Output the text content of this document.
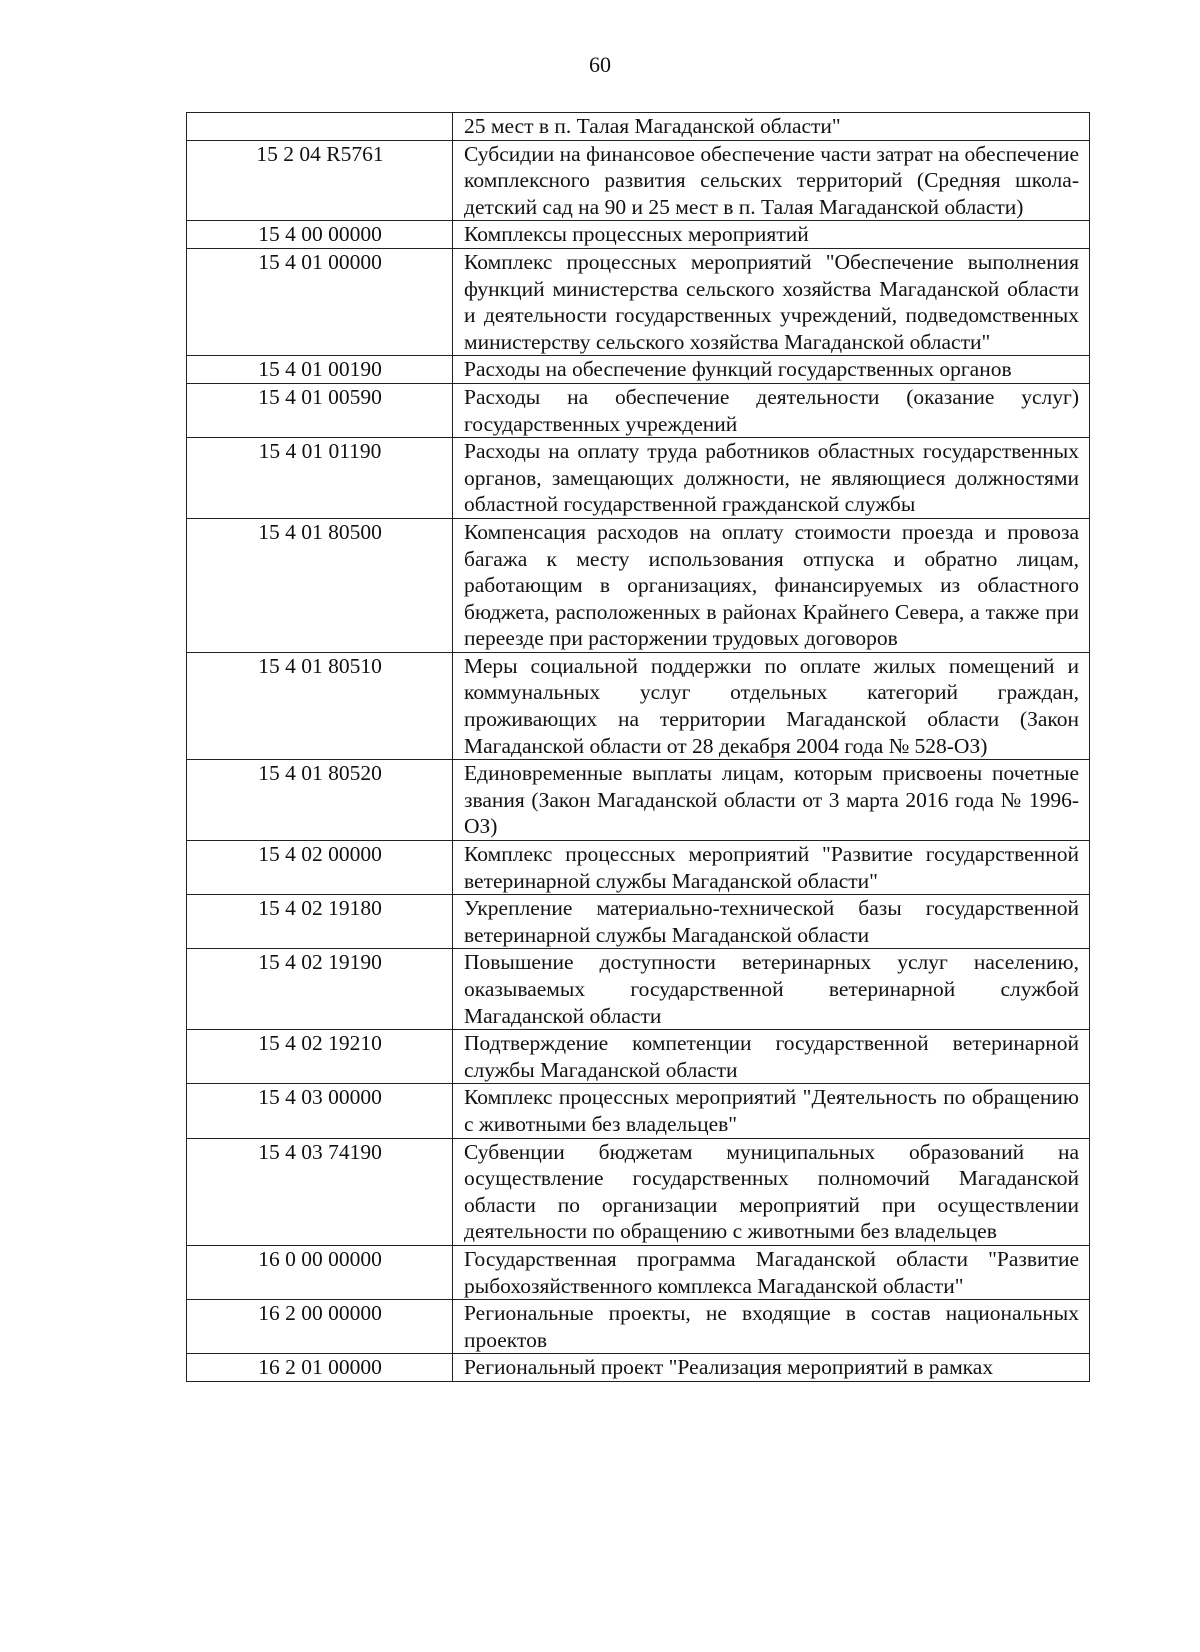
60
	25 мест в п. Талая Магаданской области"
15 2 04 R5761	Субсидии на финансовое обеспечение части затрат на обеспечение комплексного развития сельских территорий (Средняя школа-детский сад на 90 и 25 мест в п. Талая Магаданской области)
15 4 00 00000	Комплексы процессных мероприятий
15 4 01 00000	Комплекс процессных мероприятий "Обеспечение выполнения функций министерства сельского хозяйства Магаданской области и деятельности государственных учреждений, подведомственных министерству сельского хозяйства Магаданской области"
15 4 01 00190	Расходы на обеспечение функций государственных органов
15 4 01 00590	Расходы на обеспечение деятельности (оказание услуг) государственных учреждений
15 4 01 01190	Расходы на оплату труда работников областных государственных органов, замещающих должности, не являющиеся должностями областной государственной гражданской службы
15 4 01 80500	Компенсация расходов на оплату стоимости проезда и провоза багажа к месту использования отпуска и обратно лицам, работающим в организациях, финансируемых из областного бюджета, расположенных в районах Крайнего Севера, а также при переезде при расторжении трудовых договоров
15 4 01 80510	Меры социальной поддержки по оплате жилых помещений и коммунальных услуг отдельных категорий граждан, проживающих на территории Магаданской области (Закон Магаданской области от 28 декабря 2004 года № 528-ОЗ)
15 4 01 80520	Единовременные выплаты лицам, которым присвоены почетные звания (Закон Магаданской области от 3 марта 2016 года № 1996-ОЗ)
15 4 02 00000	Комплекс процессных мероприятий "Развитие государственной ветеринарной службы Магаданской области"
15 4 02 19180	Укрепление материально-технической базы государственной ветеринарной службы Магаданской области
15 4 02 19190	Повышение доступности ветеринарных услуг населению, оказываемых государственной ветеринарной службой Магаданской области
15 4 02 19210	Подтверждение компетенции государственной ветеринарной службы Магаданской области
15 4 03 00000	Комплекс процессных мероприятий "Деятельность по обращению с животными без владельцев"
15 4 03 74190	Субвенции бюджетам муниципальных образований на осуществление государственных полномочий Магаданской области по организации мероприятий при осуществлении деятельности по обращению с животными без владельцев
16 0 00 00000	Государственная программа Магаданской области "Развитие рыбохозяйственного комплекса Магаданской области"
16 2 00 00000	Региональные проекты, не входящие в состав национальных проектов
16 2 01 00000	Региональный проект "Реализация мероприятий в рамках
